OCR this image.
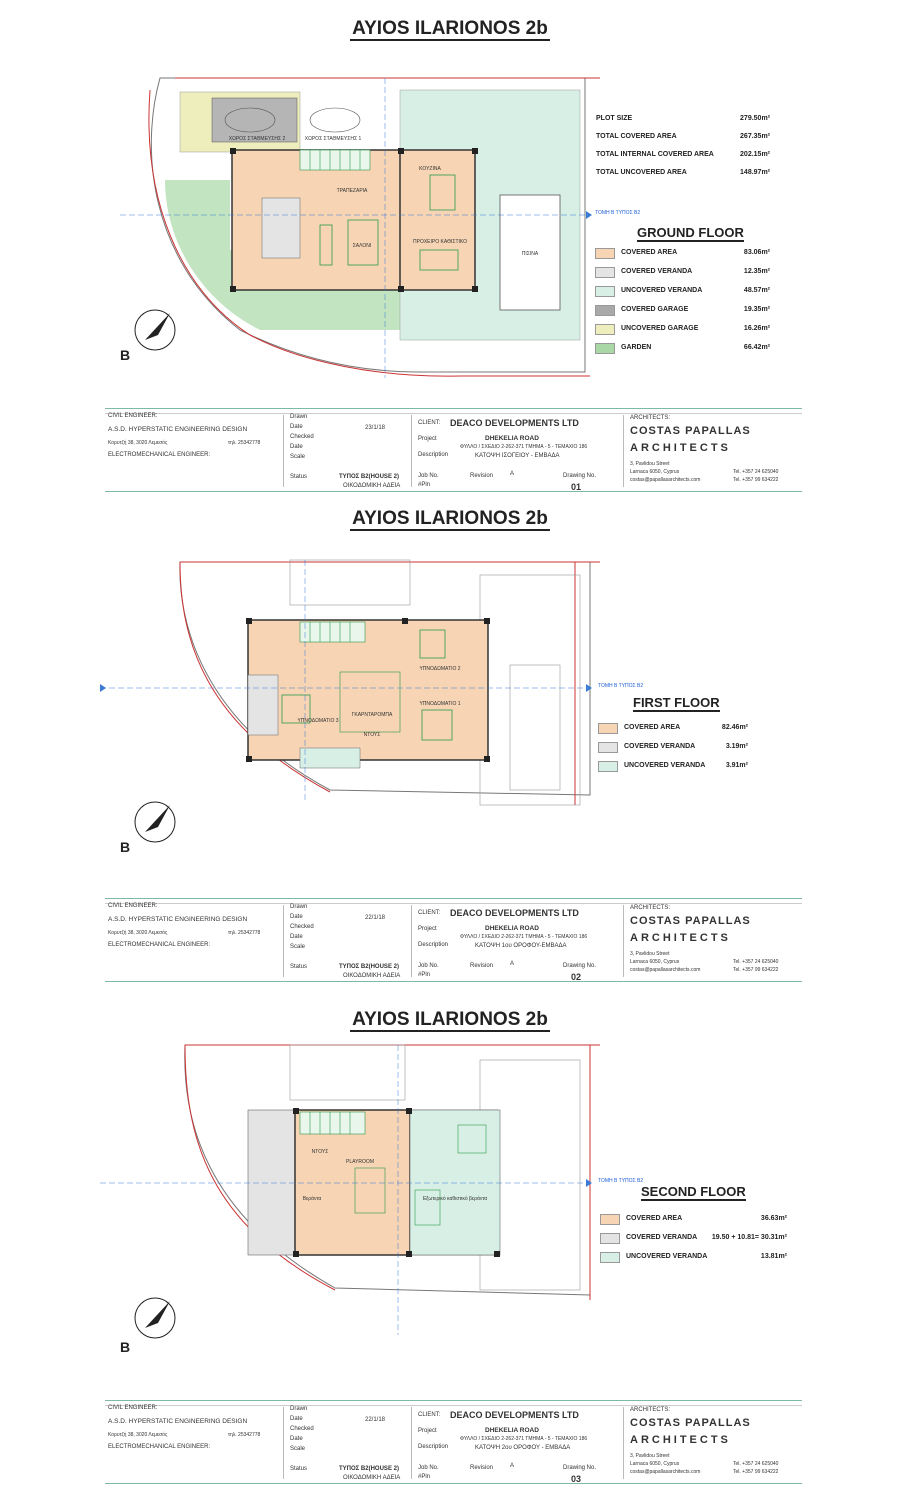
AYIOS ILARIONOS 2b
ΤΡΑΠΕΖΑΡΙΑ
ΣΑΛΟΝΙ
ΚΟΥΖΙΝΑ
ΠΡΟΧΕΙΡΟ ΚΑΘΙΣΤΙΚΟ
ΧΩΡΟΣ ΣΤΑΘΜΕΥΣΗΣ 2	ΧΩΡΟΣ ΣΤΑΘΜΕΥΣΗΣ 1
ΠΙΣΙΝΑ
ΤΟΜΗ Β ΤΥΠΟΣ Β2
B
PLOT SIZE	279.50m²
TOTAL COVERED AREA	267.35m²
TOTAL INTERNAL COVERED AREA	202.15m²
TOTAL UNCOVERED AREA	148.97m²
GROUND FLOOR
COVERED AREA	83.06m²
COVERED VERANDA	12.35m²
UNCOVERED VERANDA	48.57m²
COVERED GARAGE	19.35m²
UNCOVERED GARAGE	16.26m²
GARDEN	66.42m²
CIVIL ENGINEER:
A.S.D. HYPERSTATIC ENGINEERING DESIGN
Κορυτζή 38, 3020 Λεμεσός	τηλ. 25342778
ELECTROMECHANICAL ENGINEER:
Drawn
Date	23/1/18
Checked
Date
Scale
Status	ΤΥΠΟΣ B2(HOUSE 2)
ΟΙΚΟΔΟΜΙΚΗ ΑΔΕΙΑ
CLIENT: DEACO DEVELOPMENTS LTD
Project	DHEKELIA ROAD
ΦΥΛΛΟ / ΣΧΕΔΙΟ 2-262-371 ΤΜΗΜΑ - 5 - ΤΕΜΑΧΙΟ 186
Description	ΚΑΤΟΨΗ ΙΣΟΓΕΙΟΥ - ΕΜΒΑΔΑ
Job No.
#Pln
Revision	A	Drawing No.
01
ARCHITECTS:
COSTAS PAPALLAS
ARCHITECTS
3, Pavlidou Street
Larnaca 6050, Cyprus
costas@papallasarchitects.com
Tel. +357 24 625040
Tel. +357 99 634222
AYIOS ILARIONOS 2b
ΥΠΝΟΔΩΜΑΤΙΟ 2
ΥΠΝΟΔΩΜΑΤΙΟ 1
ΥΠΝΟΔΩΜΑΤΙΟ 3
ΓΚΑΡΝΤΑΡΟΜΠΑ
ΝΤΟΥΣ
ΤΟΜΗ Β ΤΥΠΟΣ Β2
B
FIRST FLOOR
COVERED AREA	82.46m²
COVERED VERANDA	3.19m²
UNCOVERED VERANDA	3.91m²
CIVIL ENGINEER:
A.S.D. HYPERSTATIC ENGINEERING DESIGN
Κορυτζή 38, 3020 Λεμεσός	τηλ. 25342778
ELECTROMECHANICAL ENGINEER:
Drawn
Date	22/1/18
Checked
Date
Scale
Status	ΤΥΠΟΣ B2(HOUSE 2)
ΟΙΚΟΔΟΜΙΚΗ ΑΔΕΙΑ
CLIENT: DEACO DEVELOPMENTS LTD
Project	DHEKELIA ROAD
ΦΥΛΛΟ / ΣΧΕΔΙΟ 2-262-371 ΤΜΗΜΑ - 5 - ΤΕΜΑΧΙΟ 186
Description	ΚΑΤΟΨΗ 1ου ΟΡΟΦΟΥ-ΕΜΒΑΔΑ
Job No.
#Pln
Revision	A	Drawing No.
02
ARCHITECTS:
COSTAS PAPALLAS
ARCHITECTS
3, Pavlidou Street
Larnaca 6050, Cyprus
costas@papallasarchitects.com
Tel. +357 24 625040
Tel. +357 99 634222
AYIOS ILARIONOS 2b
PLAYROOM
Εξωτερικό καθιστικό βεράντα
Βεράντα
ΝΤΟΥΣ
ΤΟΜΗ Β ΤΥΠΟΣ Β2
B
SECOND FLOOR
COVERED AREA	36.63m²
COVERED VERANDA 19.50 + 10.81= 30.31m²
UNCOVERED VERANDA	13.81m²
CIVIL ENGINEER:
A.S.D. HYPERSTATIC ENGINEERING DESIGN
Κορυτζή 38, 3020 Λεμεσός	τηλ. 25342778
ELECTROMECHANICAL ENGINEER:
Drawn
Date	22/1/18
Checked
Date
Scale
Status	ΤΥΠΟΣ B2(HOUSE 2)
ΟΙΚΟΔΟΜΙΚΗ ΑΔΕΙΑ
CLIENT: DEACO DEVELOPMENTS LTD
Project	DHEKELIA ROAD
ΦΥΛΛΟ / ΣΧΕΔΙΟ 2-262-371 ΤΜΗΜΑ - 5 - ΤΕΜΑΧΙΟ 186
Description	ΚΑΤΟΨΗ 2ου ΟΡΟΦΟΥ - ΕΜΒΑΔΑ
Job No.
#Pln
Revision	A	Drawing No.
03
ARCHITECTS:
COSTAS PAPALLAS
ARCHITECTS
3, Pavlidou Street
Larnaca 6050, Cyprus
costas@papallasarchitects.com
Tel. +357 24 625040
Tel. +357 99 634222
